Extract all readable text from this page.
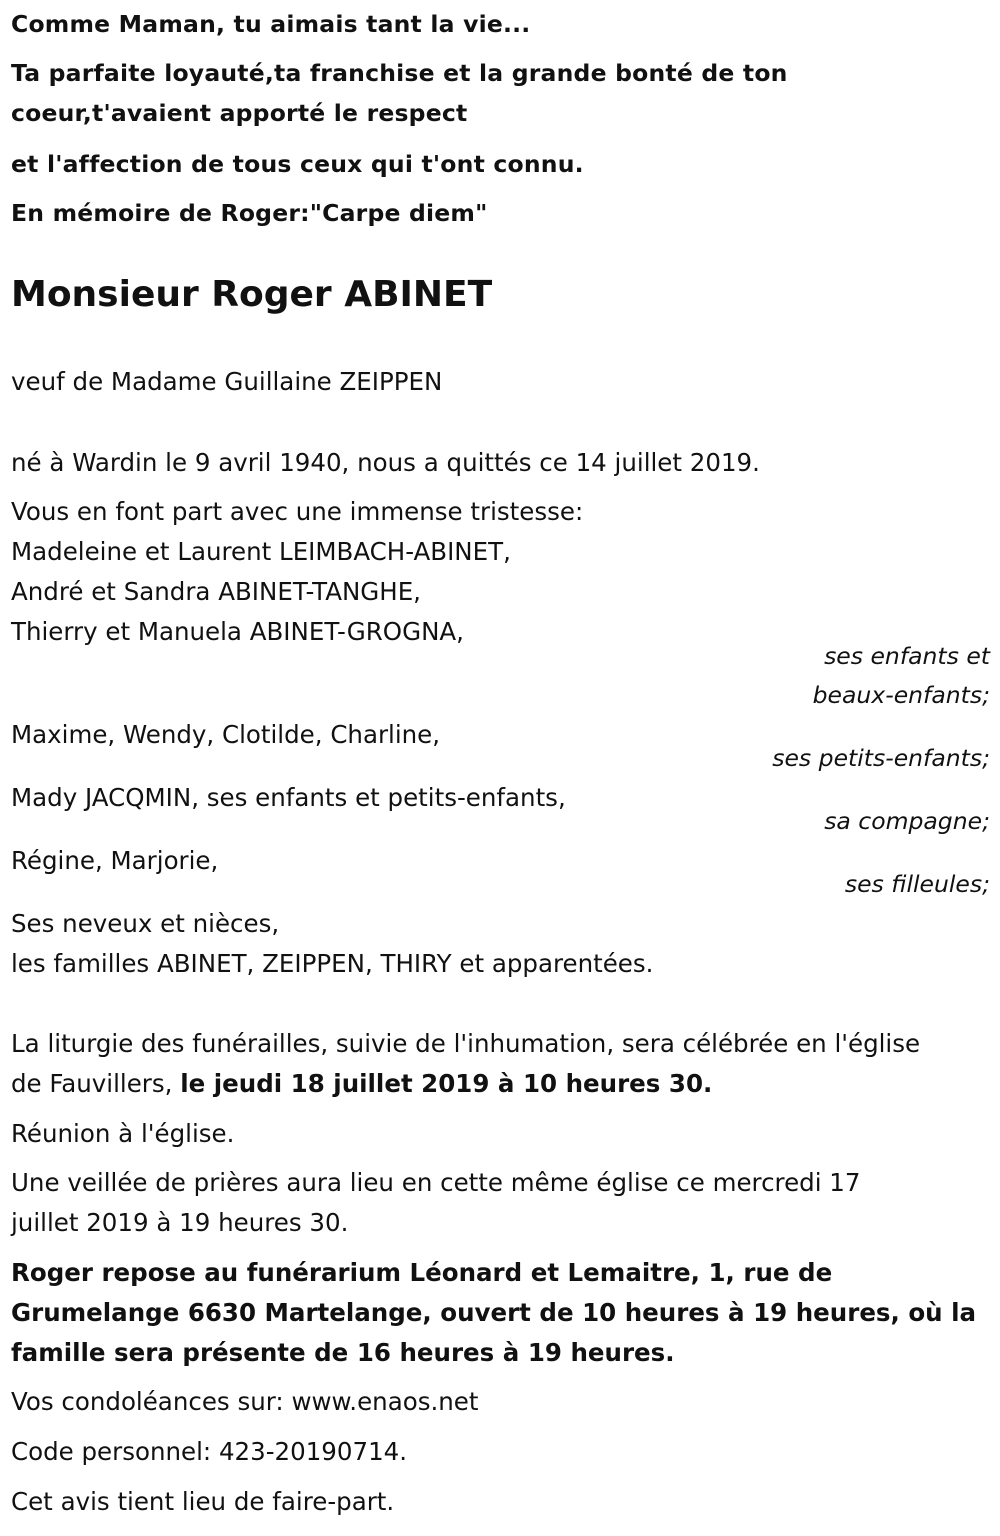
Comme Maman, tu aimais tant la vie...
Ta parfaite loyauté,ta franchise et la grande bonté de ton
coeur,t'avaient apporté le respect
et l'affection de tous ceux qui t'ont connu.
En mémoire de Roger:"Carpe diem"
Monsieur Roger ABINET
veuf de Madame Guillaine ZEIPPEN
né à Wardin le 9 avril 1940, nous a quittés ce 14 juillet 2019.
Vous en font part avec une immense tristesse:
Madeleine et Laurent LEIMBACH-ABINET,
André et Sandra ABINET-TANGHE,
Thierry et Manuela ABINET-GROGNA,
ses enfants et
beaux-enfants;
Maxime, Wendy, Clotilde, Charline,
ses petits-enfants;
Mady JACQMIN, ses enfants et petits-enfants,
sa compagne;
Régine, Marjorie,
ses filleules;
Ses neveux et nièces,
les familles ABINET, ZEIPPEN, THIRY et apparentées.
La liturgie des funérailles, suivie de l'inhumation, sera célébrée en l'église
de Fauvillers, le jeudi 18 juillet 2019 à 10 heures 30.
Réunion à l'église.
Une veillée de prières aura lieu en cette même église ce mercredi 17
juillet 2019 à 19 heures 30.
Roger repose au funérarium Léonard et Lemaitre, 1, rue de
Grumelange 6630 Martelange, ouvert de 10 heures à 19 heures, où la
famille sera présente de 16 heures à 19 heures.
Vos condoléances sur: www.enaos.net
Code personnel: 423-20190714.
Cet avis tient lieu de faire-part.
